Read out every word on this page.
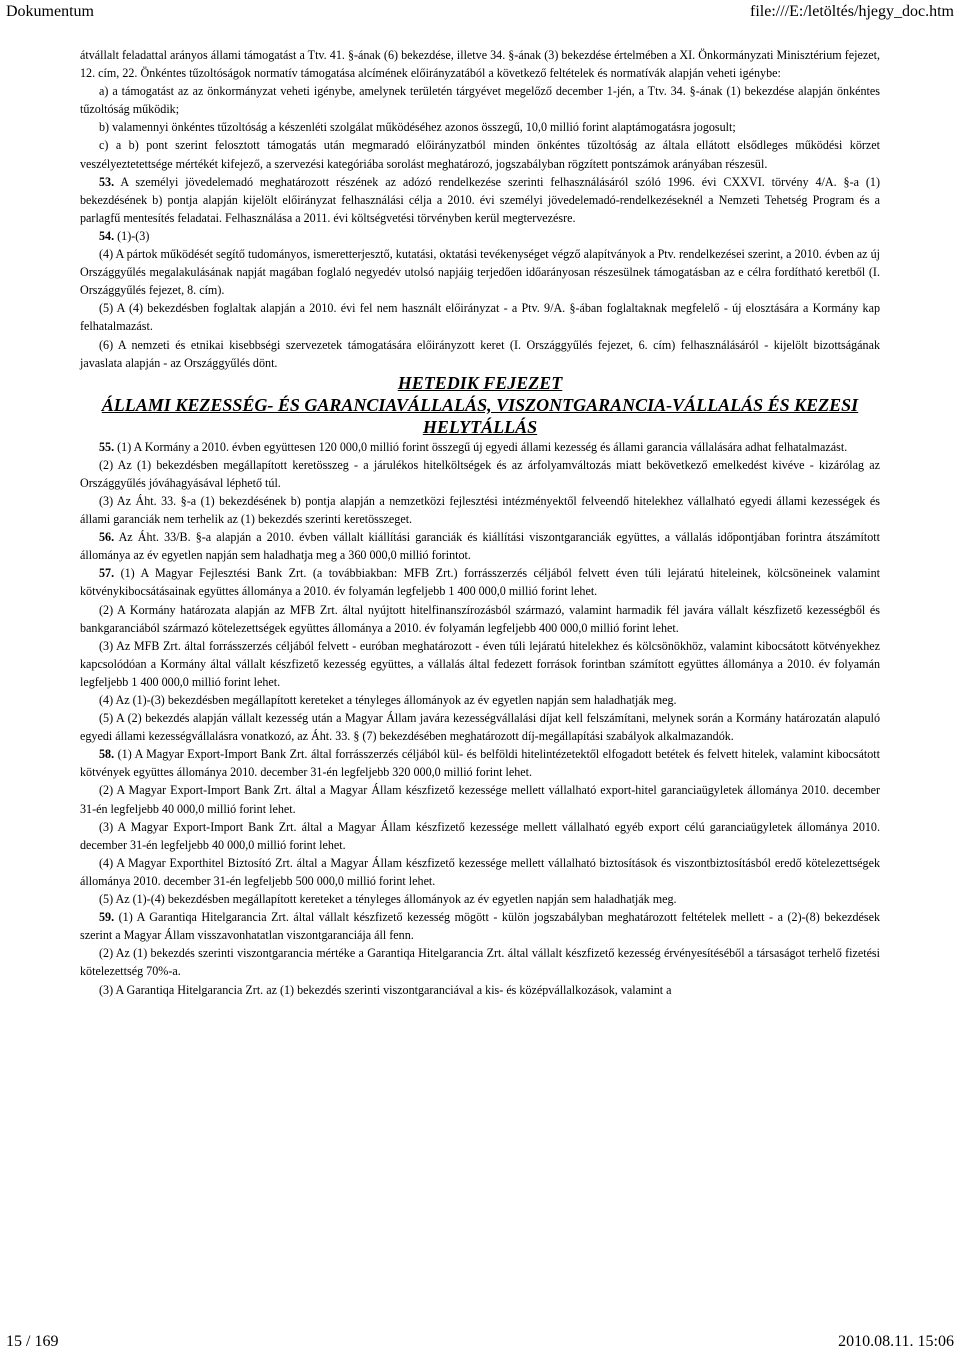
Dokumentum	file:///E:/letöltés/hjegy_doc.htm

átvállalt feladattal arányos állami támogatást a Ttv. 41. §-ának (6) bekezdése, illetve 34. §-ának (3) bekezdése értelmében a XI. Önkormányzati Minisztérium fejezet, 12. cím, 22. Önkéntes tűzoltóságok normatív támogatása alcímének előirányzatából a következő feltételek és normatívák alapján veheti igénybe:

a) a támogatást az az önkormányzat veheti igénybe, amelynek területén tárgyévet megelőző december 1-jén, a Ttv. 34. §-ának (1) bekezdése alapján önkéntes tűzoltóság működik;

b) valamennyi önkéntes tűzoltóság a készenléti szolgálat működéséhez azonos összegű, 10,0 millió forint alaptámogatásra jogosult;

c) a b) pont szerint felosztott támogatás után megmaradó előirányzatból minden önkéntes tűzoltóság az általa ellátott elsődleges működési körzet veszélyeztetettsége mértékét kifejező, a szervezési kategóriába sorolást meghatározó, jogszabályban rögzített pontszámok arányában részesül.

53. A személyi jövedelemadó meghatározott részének az adózó rendelkezése szerinti felhasználásáról szóló 1996. évi CXXVI. törvény 4/A. §-a (1) bekezdésének b) pontja alapján kijelölt előirányzat felhasználási célja a 2010. évi személyi jövedelemadó-rendelkezéseknél a Nemzeti Tehetség Program és a parlagfű mentesítés feladatai. Felhasználása a 2011. évi költségvetési törvényben kerül megtervezésre.

54. (1)-(3)

(4) A pártok működését segítő tudományos, ismeretterjesztő, kutatási, oktatási tevékenységet végző alapítványok a Ptv. rendelkezései szerint, a 2010. évben az új Országgyűlés megalakulásának napját magában foglaló negyedév utolsó napjáig terjedően időarányosan részesülnek támogatásban az e célra fordítható keretből (I. Országgyűlés fejezet, 8. cím).

(5) A (4) bekezdésben foglaltak alapján a 2010. évi fel nem használt előirányzat - a Ptv. 9/A. §-ában foglaltaknak megfelelő - új elosztására a Kormány kap felhatalmazást.

(6) A nemzeti és etnikai kisebbségi szervezetek támogatására előirányzott keret (I. Országgyűlés fejezet, 6. cím) felhasználásáról - kijelölt bizottságának javaslata alapján - az Országgyűlés dönt.

HETEDIK FEJEZET

ÁLLAMI KEZESSÉG- ÉS GARANCIAVÁLLALÁS, VISZONTGARANCIA-VÁLLALÁS ÉS KEZESI HELYTÁLLÁS

55. (1) A Kormány a 2010. évben együttesen 120 000,0 millió forint összegű új egyedi állami kezesség és állami garancia vállalására adhat felhatalmazást.

(2) Az (1) bekezdésben megállapított keretösszeg - a járulékos hitelköltségek és az árfolyamváltozás miatt bekövetkező emelkedést kivéve - kizárólag az Országgyűlés jóváhagyásával léphető túl.

(3) Az Áht. 33. §-a (1) bekezdésének b) pontja alapján a nemzetközi fejlesztési intézményektől felveendő hitelekhez vállalható egyedi állami kezességek és állami garanciák nem terhelik az (1) bekezdés szerinti keretösszeget.

56. Az Áht. 33/B. §-a alapján a 2010. évben vállalt kiállítási garanciák és kiállítási viszontgaranciák együttes, a vállalás időpontjában forintra átszámított állománya az év egyetlen napján sem haladhatja meg a 360 000,0 millió forintot.

57. (1) A Magyar Fejlesztési Bank Zrt. (a továbbiakban: MFB Zrt.) forrásszerzés céljából felvett éven túli lejáratú hiteleinek, kölcsöneinek valamint kötvénykibocsátásainak együttes állománya a 2010. év folyamán legfeljebb 1 400 000,0 millió forint lehet.

(2) A Kormány határozata alapján az MFB Zrt. által nyújtott hitelfinanszírozásból származó, valamint harmadik fél javára vállalt készfizető kezességből és bankgaranciából származó kötelezettségek együttes állománya a 2010. év folyamán legfeljebb 400 000,0 millió forint lehet.

(3) Az MFB Zrt. által forrásszerzés céljából felvett - euróban meghatározott - éven túli lejáratú hitelekhez és kölcsönökhöz, valamint kibocsátott kötvényekhez kapcsolódóan a Kormány által vállalt készfizető kezesség együttes, a vállalás által fedezett források forintban számított együttes állománya a 2010. év folyamán legfeljebb 1 400 000,0 millió forint lehet.

(4) Az (1)-(3) bekezdésben megállapított kereteket a tényleges állományok az év egyetlen napján sem haladhatják meg.

(5) A (2) bekezdés alapján vállalt kezesség után a Magyar Állam javára kezességvállalási díjat kell felszámítani, melynek során a Kormány határozatán alapuló egyedi állami kezességvállalásra vonatkozó, az Áht. 33. § (7) bekezdésében meghatározott díj-megállapítási szabályok alkalmazandók.

58. (1) A Magyar Export-Import Bank Zrt. által forrásszerzés céljából kül- és belföldi hitelintézetektől elfogadott betétek és felvett hitelek, valamint kibocsátott kötvények együttes állománya 2010. december 31-én legfeljebb 320 000,0 millió forint lehet.

(2) A Magyar Export-Import Bank Zrt. által a Magyar Állam készfizető kezessége mellett vállalható export-hitel garanciaügyletek állománya 2010. december 31-én legfeljebb 40 000,0 millió forint lehet.

(3) A Magyar Export-Import Bank Zrt. által a Magyar Állam készfizető kezessége mellett vállalható egyéb export célú garanciaügyletek állománya 2010. december 31-én legfeljebb 40 000,0 millió forint lehet.

(4) A Magyar Exporthitel Biztosító Zrt. által a Magyar Állam készfizető kezessége mellett vállalható biztosítások és viszontbiztosításból eredő kötelezettségek állománya 2010. december 31-én legfeljebb 500 000,0 millió forint lehet.

(5) Az (1)-(4) bekezdésben megállapított kereteket a tényleges állományok az év egyetlen napján sem haladhatják meg.

59. (1) A Garantiqa Hitelgarancia Zrt. által vállalt készfizető kezesség mögött - külön jogszabályban meghatározott feltételek mellett - a (2)-(8) bekezdések szerint a Magyar Állam visszavonhatatlan viszontgaranciája áll fenn.

(2) Az (1) bekezdés szerinti viszontgarancia mértéke a Garantiqa Hitelgarancia Zrt. által vállalt készfizető kezesség érvényesítéséből a társaságot terhelő fizetési kötelezettség 70%-a.

(3) A Garantiqa Hitelgarancia Zrt. az (1) bekezdés szerinti viszontgaranciával a kis- és középvállalkozások, valamint a

15 / 169	2010.08.11. 15:06
